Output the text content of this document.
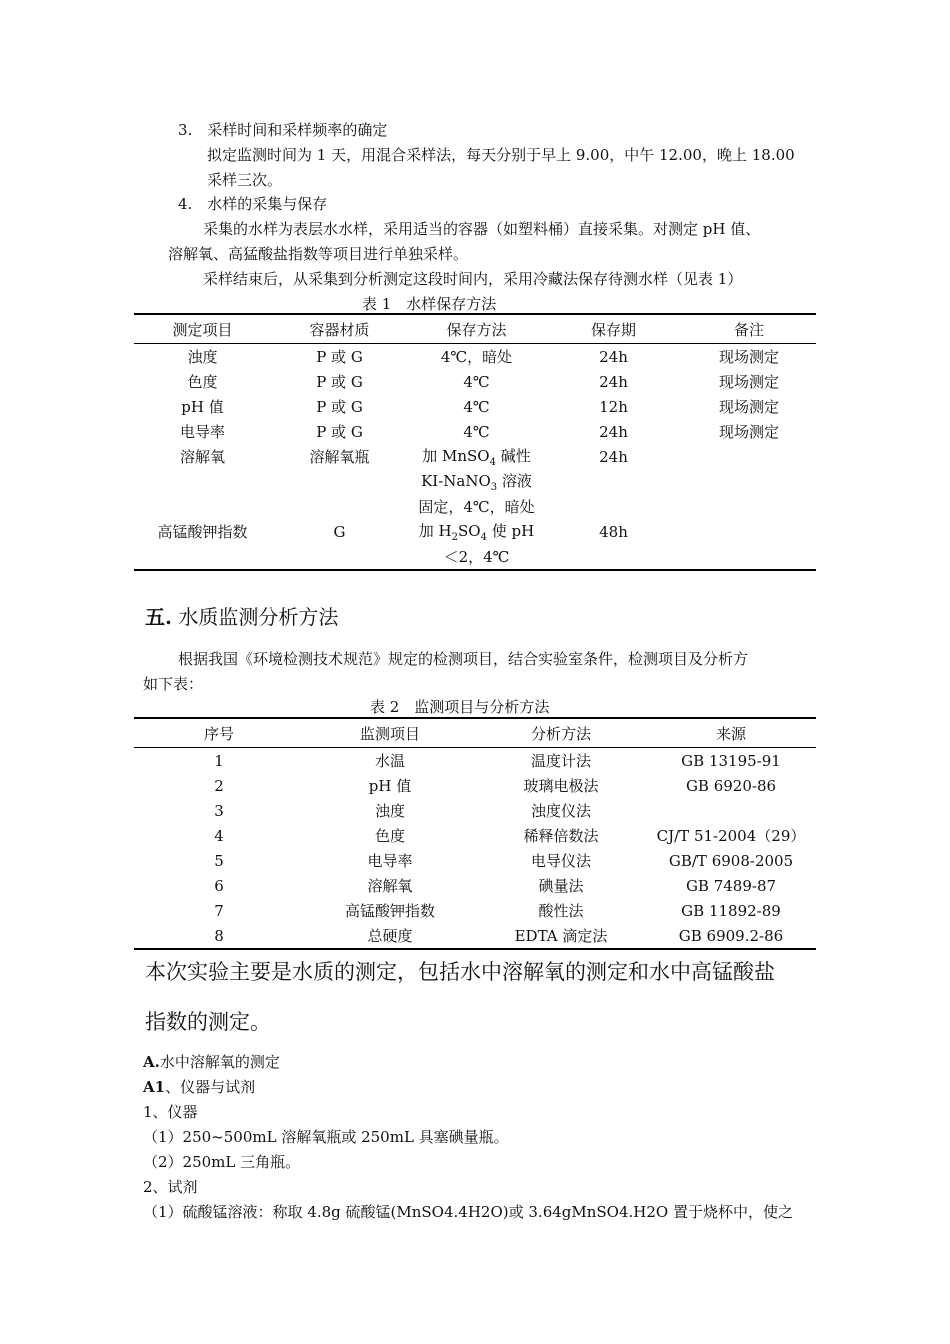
3.　采样时间和采样频率的确定
拟定监测时间为 1 天，用混合采样法，每天分别于早上 9.00，中午 12.00，晚上 18.00
采样三次。
4.　水样的采集与保存
采集的水样为表层水水样，采用适当的容器（如塑料桶）直接采集。对测定 pH 值、
溶解氧、高猛酸盐指数等项目进行单独采样。
采样结束后，从采集到分析测定这段时间内，采用冷藏法保存待测水样（见表 1）
表 1　水样保存方法
测定项目	容器材质	保存方法	保存期	备注
浊度	P 或 G	4℃，暗处	24h	现场测定
色度	P 或 G	4℃	24h	现场测定
pH 值	P 或 G	4℃	12h	现场测定
电导率	P 或 G	4℃	24h	现场测定
溶解氧	溶解氧瓶	加 MnSO$_4$ 碱性	24h	
		KI-NaNO$_3$ 溶液		
		固定，4℃，暗处		
高锰酸钾指数	G	加 $H_2SO_4$ 使 pH	48h	
		＜2，4℃		
五. 水质监测分析方法
根据我国《环境检测技术规范》规定的检测项目，结合实验室条件，检测项目及分析方
如下表：
表 2　监测项目与分析方法
序号	监测项目	分析方法	来源
1	水温	温度计法	GB 13195-91
2	pH 值	玻璃电极法	GB 6920-86
3	浊度	浊度仪法	
4	色度	稀释倍数法	CJ/T 51-2004（29）
5	电导率	电导仪法	GB/T 6908-2005
6	溶解氧	碘量法	GB 7489-87
7	高锰酸钾指数	酸性法	GB 11892-89
8	总硬度	EDTA 滴定法	GB 6909.2-86
本次实验主要是水质的测定，包括水中溶解氧的测定和水中高锰酸盐
指数的测定。
A.水中溶解氧的测定
A1、仪器与试剂
1、仪器
（1）250~500mL 溶解氧瓶或 250mL 具塞碘量瓶。
（2）250mL 三角瓶。
2、试剂
（1）硫酸锰溶液：称取 4.8g 硫酸锰(MnSO4.4H2O)或 3.64gMnSO4.H2O 置于烧杯中，使之
